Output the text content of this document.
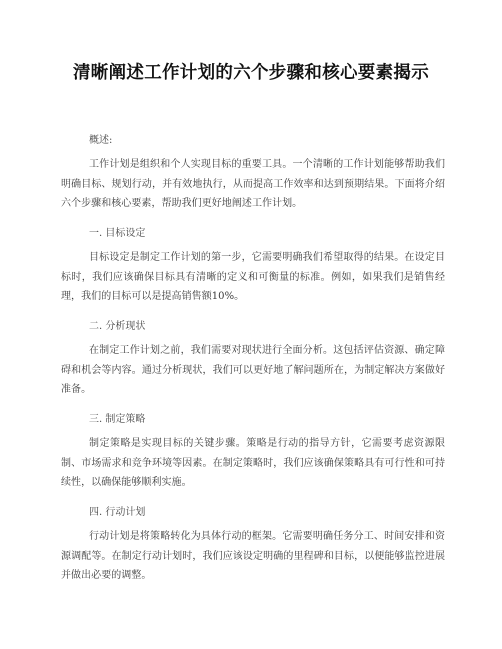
清晰阐述工作计划的六个步骤和核心要素揭示
概述:
工作计划是组织和个人实现目标的重要工具。一个清晰的工作计划能够帮助我们明确目标、规划行动，并有效地执行，从而提高工作效率和达到预期结果。下面将介绍六个步骤和核心要素，帮助我们更好地阐述工作计划。
一. 目标设定
目标设定是制定工作计划的第一步，它需要明确我们希望取得的结果。在设定目标时，我们应该确保目标具有清晰的定义和可衡量的标准。例如，如果我们是销售经理，我们的目标可以是提高销售额10%。
二. 分析现状
在制定工作计划之前，我们需要对现状进行全面分析。这包括评估资源、确定障碍和机会等内容。通过分析现状，我们可以更好地了解问题所在，为制定解决方案做好准备。
三. 制定策略
制定策略是实现目标的关键步骤。策略是行动的指导方针，它需要考虑资源限制、市场需求和竞争环境等因素。在制定策略时，我们应该确保策略具有可行性和可持续性，以确保能够顺利实施。
四. 行动计划
行动计划是将策略转化为具体行动的框架。它需要明确任务分工、时间安排和资源调配等。在制定行动计划时，我们应该设定明确的里程碑和目标，以便能够监控进展并做出必要的调整。
